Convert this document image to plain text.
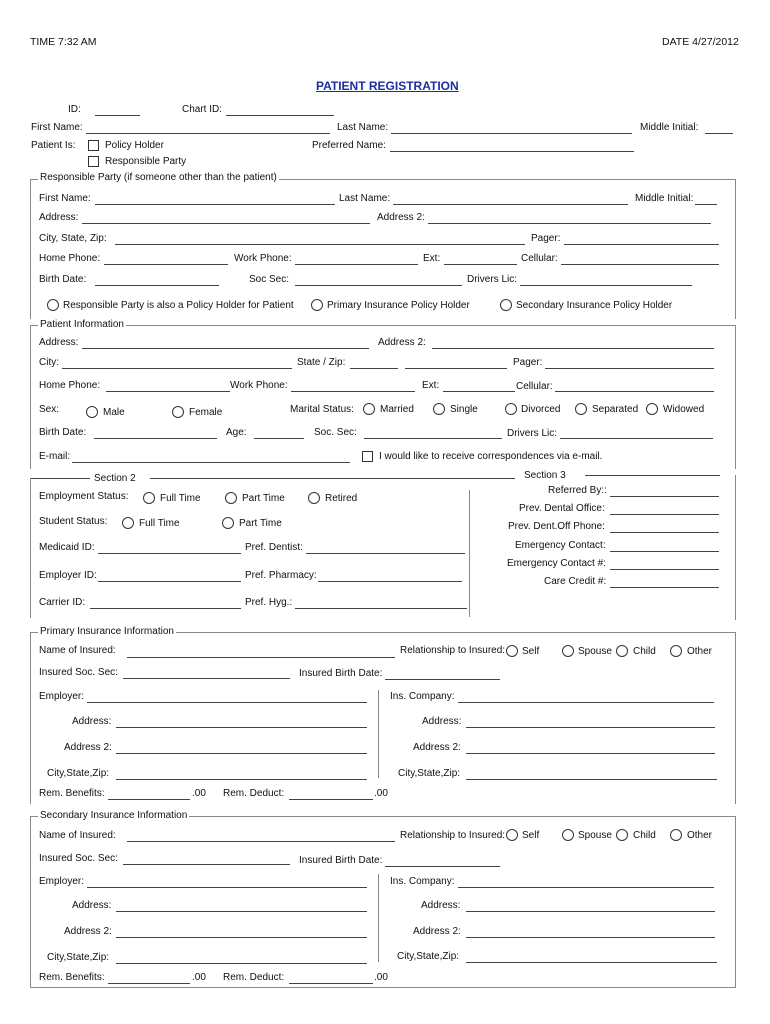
TIME 7:32 AM	DATE 4/27/2012
PATIENT REGISTRATION
ID:	Chart ID:
First Name:	Last Name:	Middle Initial:
Patient Is:	Policy Holder
Responsible Party
Preferred Name:
Responsible Party (if someone other than the patient)
First Name:	Last Name:	Middle Initial:
Address:	Address 2:
City, State, Zip:	Pager:
Home Phone:	Work Phone:	Ext:	Cellular:
Birth Date:	Soc Sec:	Drivers Lic:
Responsible Party is also a Policy Holder for Patient	Primary Insurance Policy Holder	Secondary Insurance Policy Holder
Patient Information
Address:	Address 2:
City:	State / Zip:	Pager:
Home Phone:	Work Phone:	Ext:	Cellular:
Sex:	Male	Female	Marital Status:	Married	Single	Divorced	Separated Widowed
Birth Date:	Age:	Soc. Sec:	Drivers Lic:
E-mail:	I would like to receive correspondences via e-mail.
Section 2	Section 3
Employment Status:	Full Time	Part Time	Retired
Student Status:	Full Time	Part Time
Medicaid ID:	Pref. Dentist:
Employer ID:	Pref. Pharmacy:
Carrier ID:	Pref. Hyg.:
Referred By::
Prev. Dental Office:
Prev. Dent.Off Phone:
Emergency Contact:
Emergency Contact #:
Care Credit #:
Primary Insurance Information
Name of Insured:	Relationship to Insured: Self	Spouse Child	Other
Insured Soc. Sec:	Insured Birth Date:
Employer:	Ins. Company:
Address:	Address:
Address 2:	Address 2:
City,State,Zip:	City,State,Zip:
Rem. Benefits:	.00 Rem. Deduct:	.00
Secondary Insurance Information
Name of Insured:	Relationship to Insured: Self	Spouse Child	Other
Insured Soc. Sec:	Insured Birth Date:
Employer:	Ins. Company:
Address:	Address:
Address 2:	Address 2:
City,State,Zip:	City,State,Zip:
Rem. Benefits:	.00 Rem. Deduct:	.00
